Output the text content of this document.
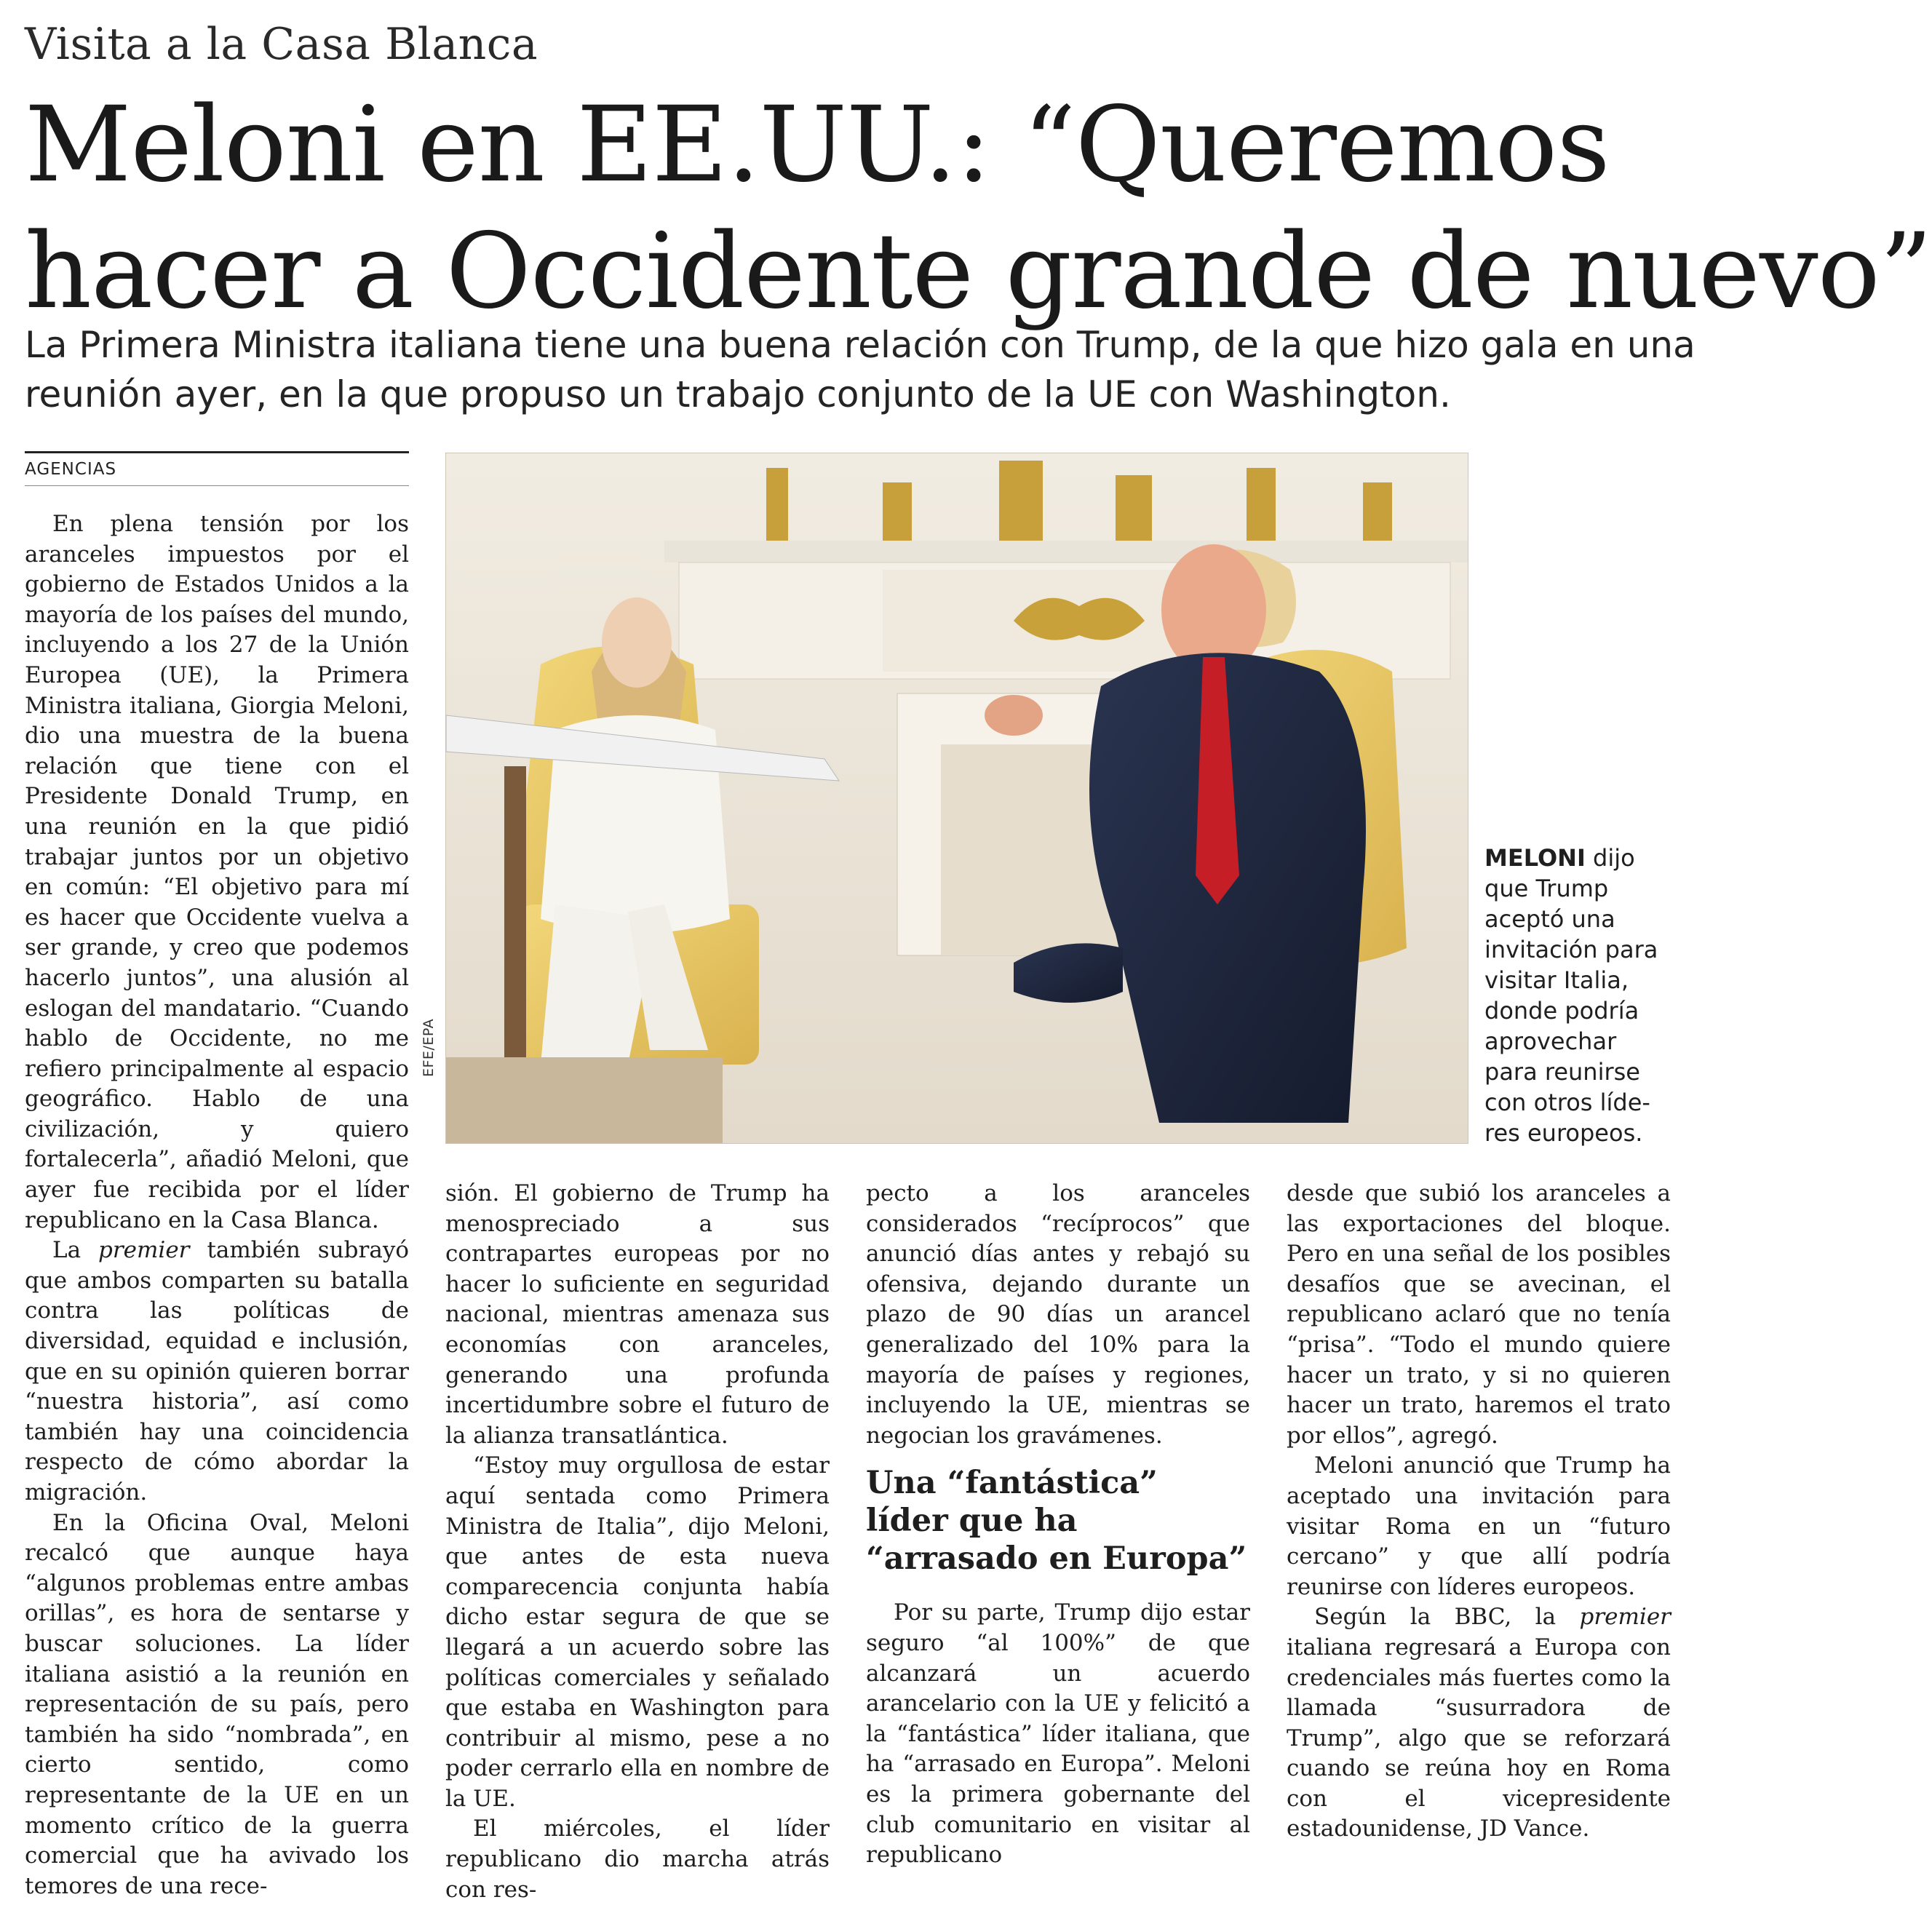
Visita a la Casa Blanca
Meloni en EE.UU.: “Queremos
hacer a Occidente grande de nuevo”
La Primera Ministra italiana tiene una buena relación con Trump, de la que hizo gala en una
reunión ayer, en la que propuso un trabajo conjunto de la UE con Washington.
AGENCIAS

En plena tensión por los aranceles impuestos por el gobierno de Estados Unidos a la mayoría de los países del mundo, incluyendo a los 27 de la Unión Europea (UE), la Primera Ministra italiana, Giorgia Meloni, dio una muestra de la buena relación que tiene con el Presidente Donald Trump, en una reunión en la que pidió trabajar juntos por un objetivo en común: “El objetivo para mí es hacer que Occidente vuelva a ser grande, y creo que podemos hacerlo juntos”, una alusión al eslogan del mandatario. “Cuando hablo de Occidente, no me refiero principalmente al espacio geográfico. Hablo de una civilización, y quiero fortalecerla”, añadió Meloni, que ayer fue recibida por el líder republicano en la Casa Blanca.

La premier también subrayó que ambos comparten su batalla contra las políticas de diversidad, equidad e inclusión, que en su opinión quieren borrar “nuestra historia”, así como también hay una coincidencia respecto de cómo abordar la migración.

En la Oficina Oval, Meloni recalcó que aunque haya “algunos problemas entre ambas orillas”, es hora de sentarse y buscar soluciones. La líder italiana asistió a la reunión en representación de su país, pero también ha sido “nombrada”, en cierto sentido, como representante de la UE en un momento crítico de la guerra comercial que ha avivado los temores de una rece-

EFE/EPA
MELONI dijo
que Trump
aceptó una
invitación para
visitar Italia,
donde podría
aprovechar
para reunirse
con otros líde-
res europeos.

sión. El gobierno de Trump ha menospreciado a sus contrapartes europeas por no hacer lo suficiente en seguridad nacional, mientras amenaza sus economías con aranceles, generando una profunda incertidumbre sobre el futuro de la alianza transatlántica.

“Estoy muy orgullosa de estar aquí sentada como Primera Ministra de Italia”, dijo Meloni, que antes de esta nueva comparecencia conjunta había dicho estar segura de que se llegará a un acuerdo sobre las políticas comerciales y señalado que estaba en Washington para contribuir al mismo, pese a no poder cerrarlo ella en nombre de la UE.

El miércoles, el líder republicano dio marcha atrás con res-

pecto a los aranceles considerados “recíprocos” que anunció días antes y rebajó su ofensiva, dejando durante un plazo de 90 días un arancel generalizado del 10% para la mayoría de países y regiones, incluyendo la UE, mientras se negocian los gravámenes.

Una “fantástica”
líder que ha
“arrasado en Europa”

Por su parte, Trump dijo estar seguro “al 100%” de que alcanzará un acuerdo arancelario con la UE y felicitó a la “fantástica” líder italiana, que ha “arrasado en Europa”. Meloni es la primera gobernante del club comunitario en visitar al republicano

desde que subió los aranceles a las exportaciones del bloque. Pero en una señal de los posibles desafíos que se avecinan, el republicano aclaró que no tenía “prisa”. “Todo el mundo quiere hacer un trato, y si no quieren hacer un trato, haremos el trato por ellos”, agregó.

Meloni anunció que Trump ha aceptado una invitación para visitar Roma en un “futuro cercano” y que allí podría reunirse con líderes europeos.

Según la BBC, la premier italiana regresará a Europa con credenciales más fuertes como la llamada “susurradora de Trump”, algo que se reforzará cuando se reúna hoy en Roma con el vicepresidente estadounidense, JD Vance.
